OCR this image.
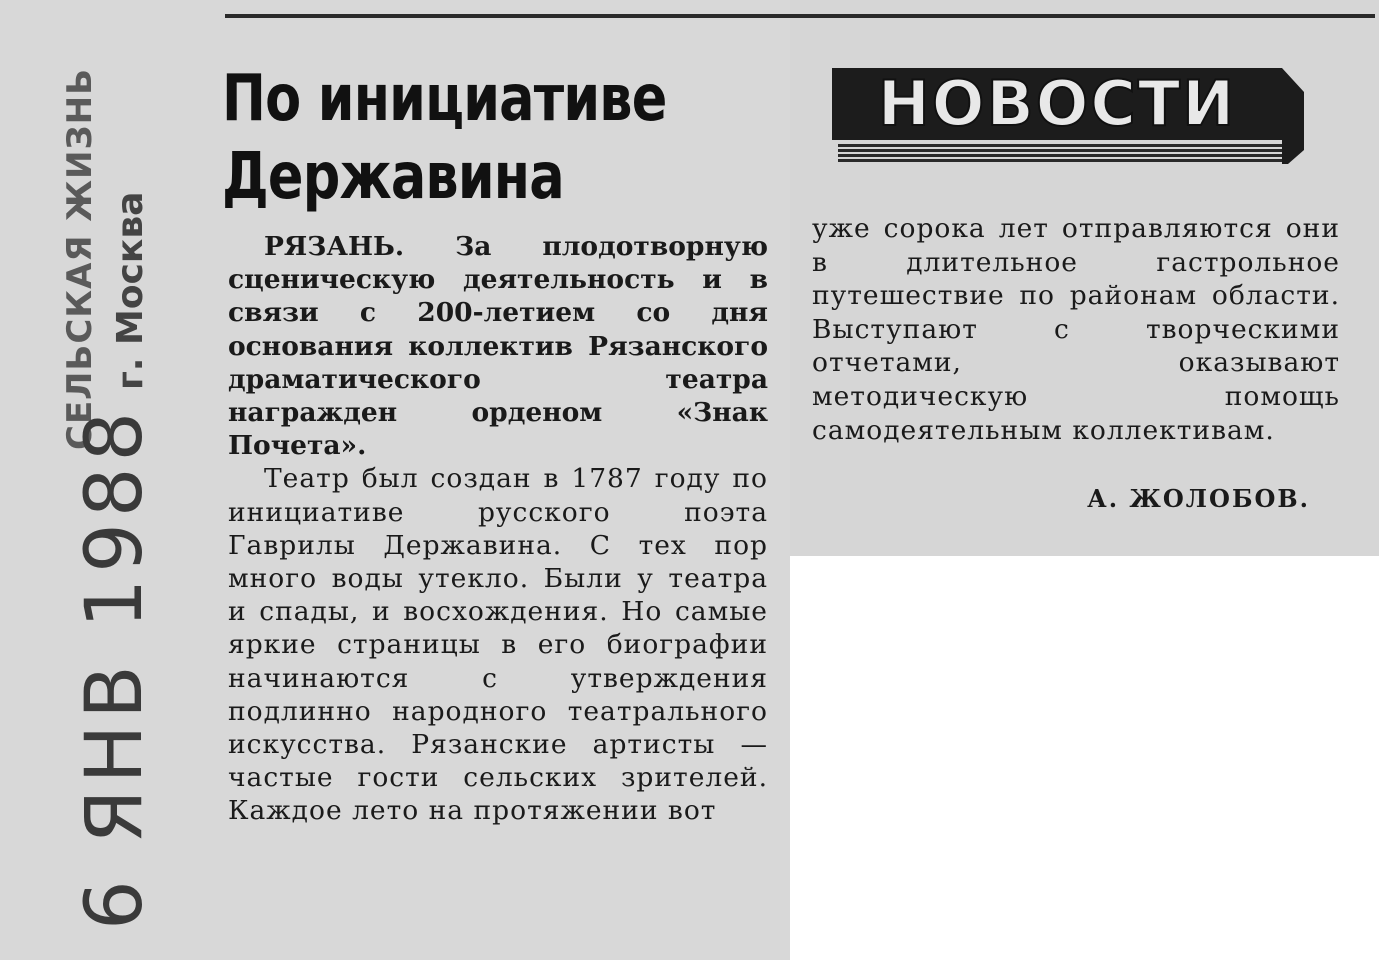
СЕЛЬСКАЯ ЖИЗНЬ г. Москва
6 ЯНВ 1988
По инициативе
Державина

РЯЗАНЬ. За плодотворную сценическую деятельность и в связи с 200-летием со дня основания коллектив Рязанского драматического театра награжден орденом «Знак Почета».

Театр был создан в 1787 году по инициативе русского поэта Гаврилы Державина. С тех пор много воды утекло. Были у театра и спады, и восхождения. Но самые яркие страницы в его биографии начинаются с утверждения подлинно народного театрального искусства. Рязанские артисты — частые гости сельских зрителей. Каждое лето на протяжении вот

НОВОСТИ

уже сорока лет отправляются они в длительное гастрольное путешествие по районам области. Выступают с творческими отчетами, оказывают методическую помощь самодеятельным коллективам.

А. ЖОЛОБОВ.
